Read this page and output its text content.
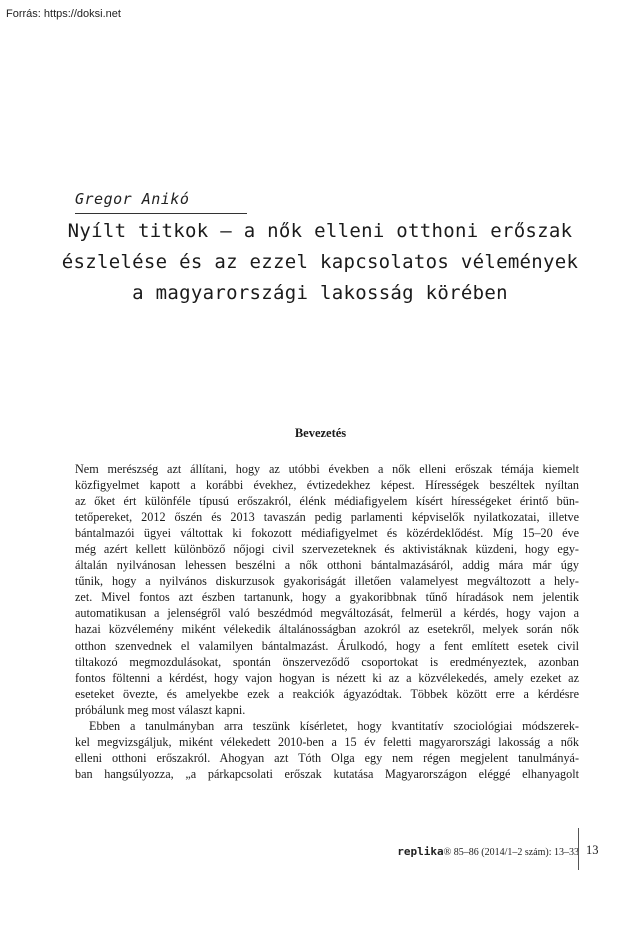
Forrás: https://doksi.net
Gregor Anikó
Nyílt titkok – a nők elleni otthoni erőszak
észlelése és az ezzel kapcsolatos vélemények
a magyarországi lakosság körében
Bevezetés

Nem merészség azt állítani, hogy az utóbbi években a nők elleni erőszak témája kiemelt

közfigyelmet kapott a korábbi évekhez, évtizedekhez képest. Hírességek beszéltek nyíltan

az őket ért különféle típusú erőszakról, élénk médiafigyelem kísért hírességeket érintő bün-

tetőpereket, 2012 őszén és 2013 tavaszán pedig parlamenti képviselők nyilatkozatai, illetve

bántalmazói ügyei váltottak ki fokozott médiafigyelmet és közérdeklődést. Míg 15–20 éve

még azért kellett különböző nőjogi civil szervezeteknek és aktivistáknak küzdeni, hogy egy-

általán nyilvánosan lehessen beszélni a nők otthoni bántalmazásáról, addig mára már úgy

tűnik, hogy a nyilvános diskurzusok gyakoriságát illetően valamelyest megváltozott a hely-

zet. Mivel fontos azt észben tartanunk, hogy a gyakoribbnak tűnő híradások nem jelentik

automatikusan a jelenségről való beszédmód megváltozását, felmerül a kérdés, hogy vajon a

hazai közvélemény miként vélekedik általánosságban azokról az esetekről, melyek során nők

otthon szenvednek el valamilyen bántalmazást. Árulkodó, hogy a fent említett esetek civil

tiltakozó megmozdulásokat, spontán önszerveződő csoportokat is eredményeztek, azonban

fontos föltenni a kérdést, hogy vajon hogyan is nézett ki az a közvélekedés, amely ezeket az

eseteket övezte, és amelyekbe ezek a reakciók ágyazódtak. Többek között erre a kérdésre

próbálunk meg most választ kapni.

Ebben a tanulmányban arra teszünk kísérletet, hogy kvantitatív szociológiai módszerek-

kel megvizsgáljuk, miként vélekedett 2010-ben a 15 év feletti magyarországi lakosság a nők

elleni otthoni erőszakról. Ahogyan azt Tóth Olga egy nem régen megjelent tanulmányá-

ban hangsúlyozza, „a párkapcsolati erőszak kutatása Magyarországon eléggé elhanyagolt

replika® 85–86 (2014/1–2 szám): 13–33 13
